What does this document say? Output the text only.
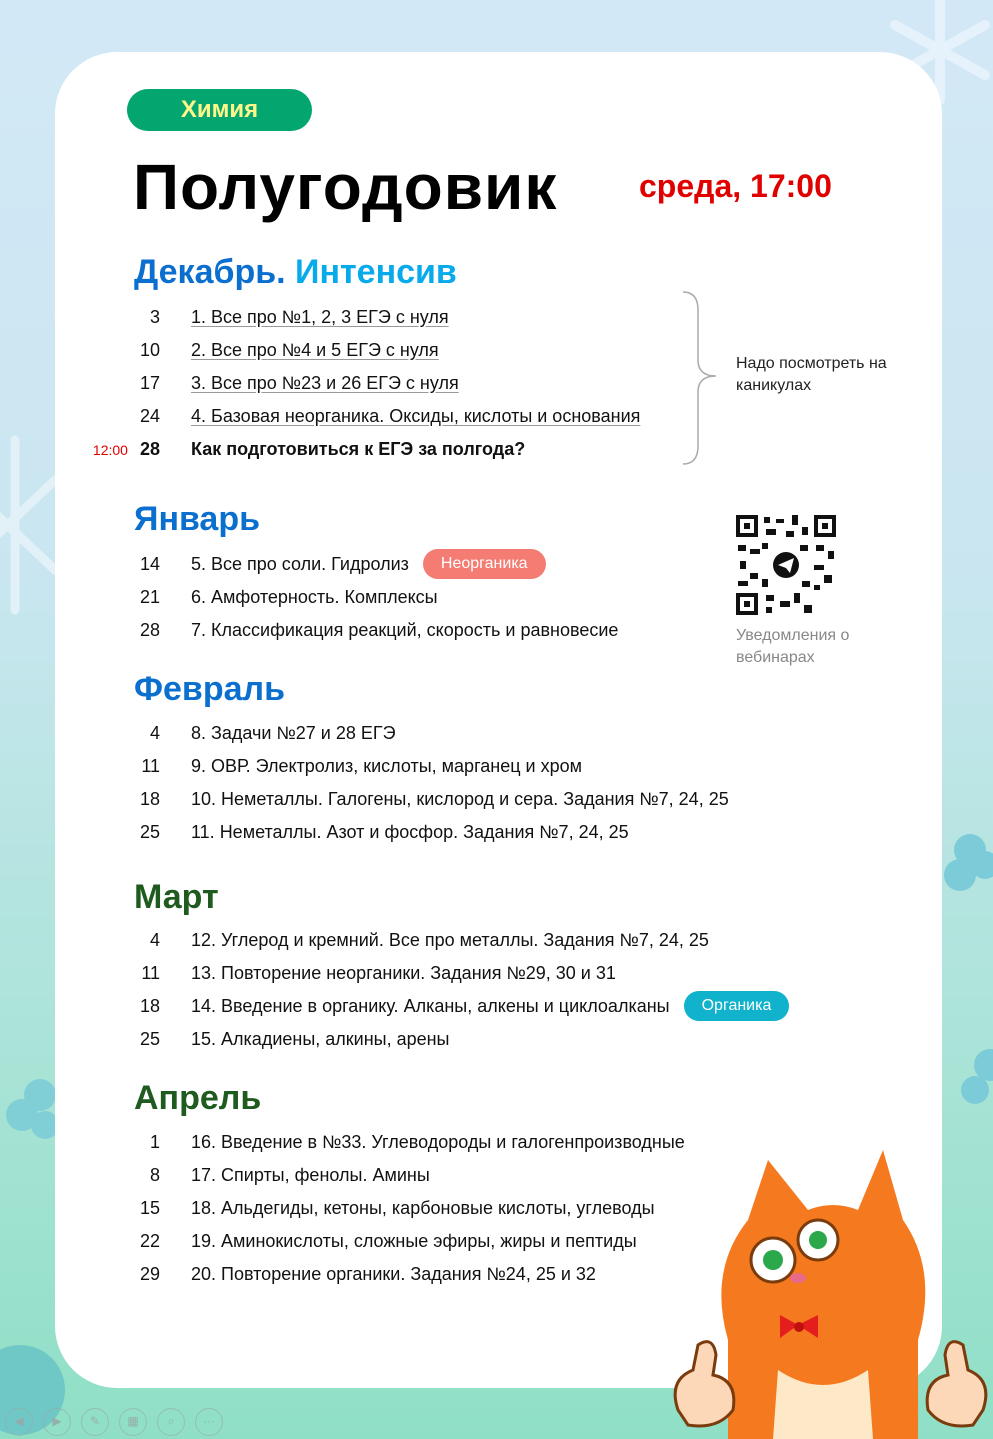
Химия
Полугодовик	среда, 17:00
Декабрь. Интенсив
3 1. Все про №1, 2, 3 ЕГЭ с нуля
10 2. Все про №4 и 5 ЕГЭ с нуля
17 3. Все про №23 и 26 ЕГЭ с нуля
24 4. Базовая неорганика. Оксиды, кислоты и основания
12:00 28 Как подготовиться к ЕГЭ за полгода?
Надо посмотреть на каникулах
Январь
14 5. Все про соли. Гидролиз	Неорганика
21 6. Амфотерность. Комплексы
28 7. Классификация реакций, скорость и равновесие	Уведомления о вебинарах
Февраль
4 8. Задачи №27 и 28 ЕГЭ
11 9. ОВР. Электролиз, кислоты, марганец и хром
18 10. Неметаллы. Галогены, кислород и сера. Задания №7, 24, 25
25 11. Неметаллы. Азот и фосфор. Задания №7, 24, 25
Март
4 12. Углерод и кремний. Все про металлы. Задания №7, 24, 25
11 13. Повторение неорганики. Задания №29, 30 и 31
18 14. Введение в органику. Алканы, алкены и циклоалканы	Органика
25 15. Алкадиены, алкины, арены
Апрель
1 16. Введение в №33. Углеводороды и галогенпроизводные
8 17. Спирты, фенолы. Амины
15 18. Альдегиды, кетоны, карбоновые кислоты, углеводы
22 19. Аминокислоты, сложные эфиры, жиры и пептиды
29 20. Повторение органики. Задания №24, 25 и 32
◀	▶	✎	▦	⌕	···
